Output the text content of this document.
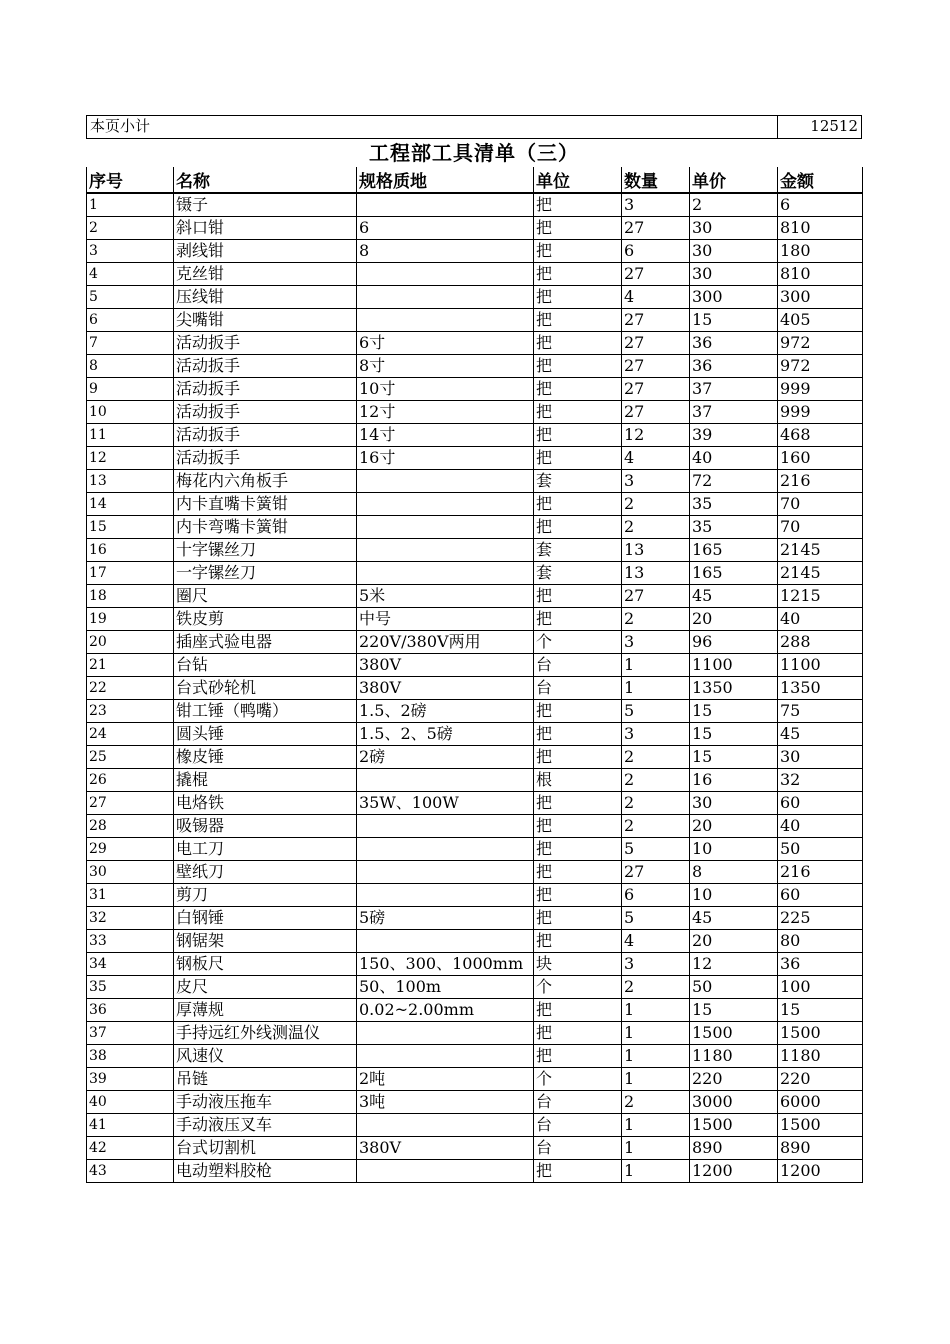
本页小计	12512
工程部工具清单（三）
序号	名称	规格质地	单位	数量	单价	金额
1	镊子		把	3	2	6
2	斜口钳	6	把	27	30	810
3	剥线钳	8	把	6	30	180
4	克丝钳		把	27	30	810
5	压线钳		把	4	300	300
6	尖嘴钳		把	27	15	405
7	活动扳手	6寸	把	27	36	972
8	活动扳手	8寸	把	27	36	972
9	活动扳手	10寸	把	27	37	999
10	活动扳手	12寸	把	27	37	999
11	活动扳手	14寸	把	12	39	468
12	活动扳手	16寸	把	4	40	160
13	梅花内六角板手		套	3	72	216
14	内卡直嘴卡簧钳		把	2	35	70
15	内卡弯嘴卡簧钳		把	2	35	70
16	十字镙丝刀		套	13	165	2145
17	一字镙丝刀		套	13	165	2145
18	圈尺	5米	把	27	45	1215
19	铁皮剪	中号	把	2	20	40
20	插座式验电器	220V/380V两用	个	3	96	288
21	台钻	380V	台	1	1100	1100
22	台式砂轮机	380V	台	1	1350	1350
23	钳工锤（鸭嘴）	1.5、2磅	把	5	15	75
24	圆头锤	1.5、2、5磅	把	3	15	45
25	橡皮锤	2磅	把	2	15	30
26	撬棍		根	2	16	32
27	电烙铁	35W、100W	把	2	30	60
28	吸锡器		把	2	20	40
29	电工刀		把	5	10	50
30	壁纸刀		把	27	8	216
31	剪刀		把	6	10	60
32	白钢锤	5磅	把	5	45	225
33	钢锯架		把	4	20	80
34	钢板尺	150、300、1000mm	块	3	12	36
35	皮尺	50、100m	个	2	50	100
36	厚薄规	0.02~2.00mm	把	1	15	15
37	手持远红外线测温仪		把	1	1500	1500
38	风速仪		把	1	1180	1180
39	吊链	2吨	个	1	220	220
40	手动液压拖车	3吨	台	2	3000	6000
41	手动液压叉车		台	1	1500	1500
42	台式切割机	380V	台	1	890	890
43	电动塑料胶枪		把	1	1200	1200
